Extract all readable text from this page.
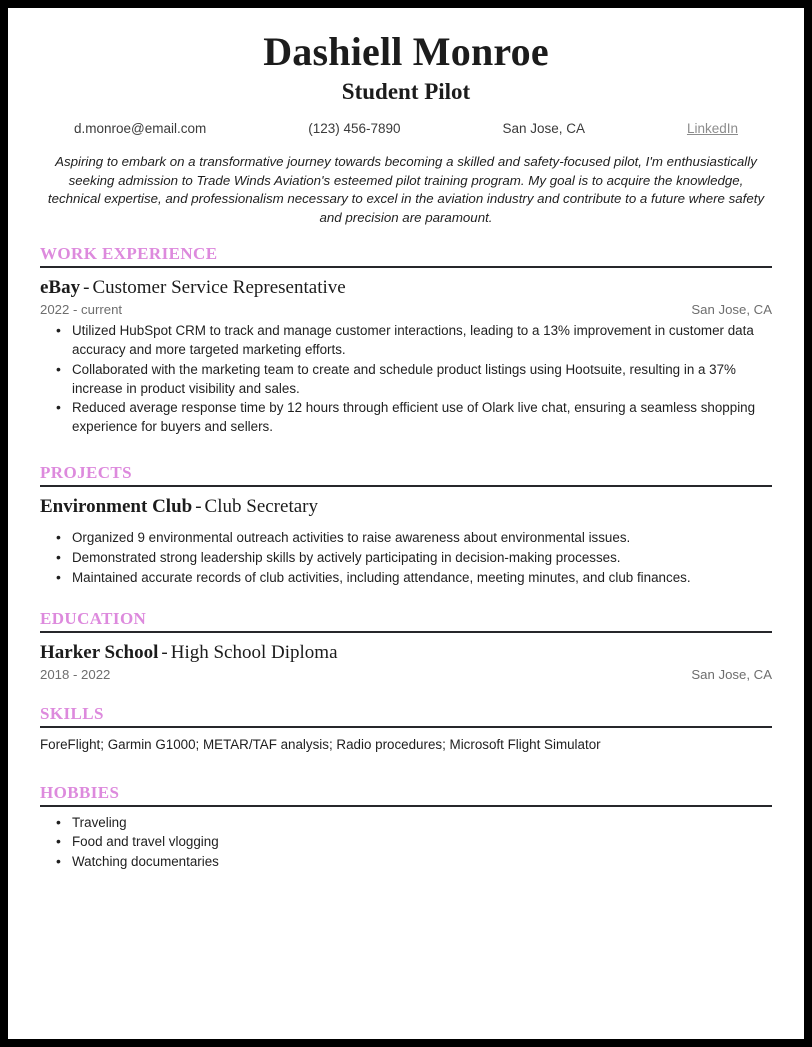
Dashiell Monroe
Student Pilot
d.monroe@email.com	(123) 456-7890	San Jose, CA	LinkedIn

Aspiring to embark on a transformative journey towards becoming a skilled and safety-focused pilot, I'm enthusiastically seeking admission to Trade Winds Aviation's esteemed pilot training program. My goal is to acquire the knowledge, technical expertise, and professionalism necessary to excel in the aviation industry and contribute to a future where safety and precision are paramount.

WORK EXPERIENCE
eBay - Customer Service Representative
2022 - current	San Jose, CA
• Utilized HubSpot CRM to track and manage customer interactions, leading to a 13% improvement in customer data accuracy and more targeted marketing efforts.
• Collaborated with the marketing team to create and schedule product listings using Hootsuite, resulting in a 37% increase in product visibility and sales.
• Reduced average response time by 12 hours through efficient use of Olark live chat, ensuring a seamless shopping experience for buyers and sellers.
PROJECTS
Environment Club - Club Secretary
• Organized 9 environmental outreach activities to raise awareness about environmental issues.
• Demonstrated strong leadership skills by actively participating in decision-making processes.
• Maintained accurate records of club activities, including attendance, meeting minutes, and club finances.
EDUCATION
Harker School - High School Diploma
2018 - 2022	San Jose, CA
SKILLS
ForeFlight; Garmin G1000; METAR/TAF analysis; Radio procedures; Microsoft Flight Simulator
HOBBIES
• Traveling
• Food and travel vlogging
• Watching documentaries
